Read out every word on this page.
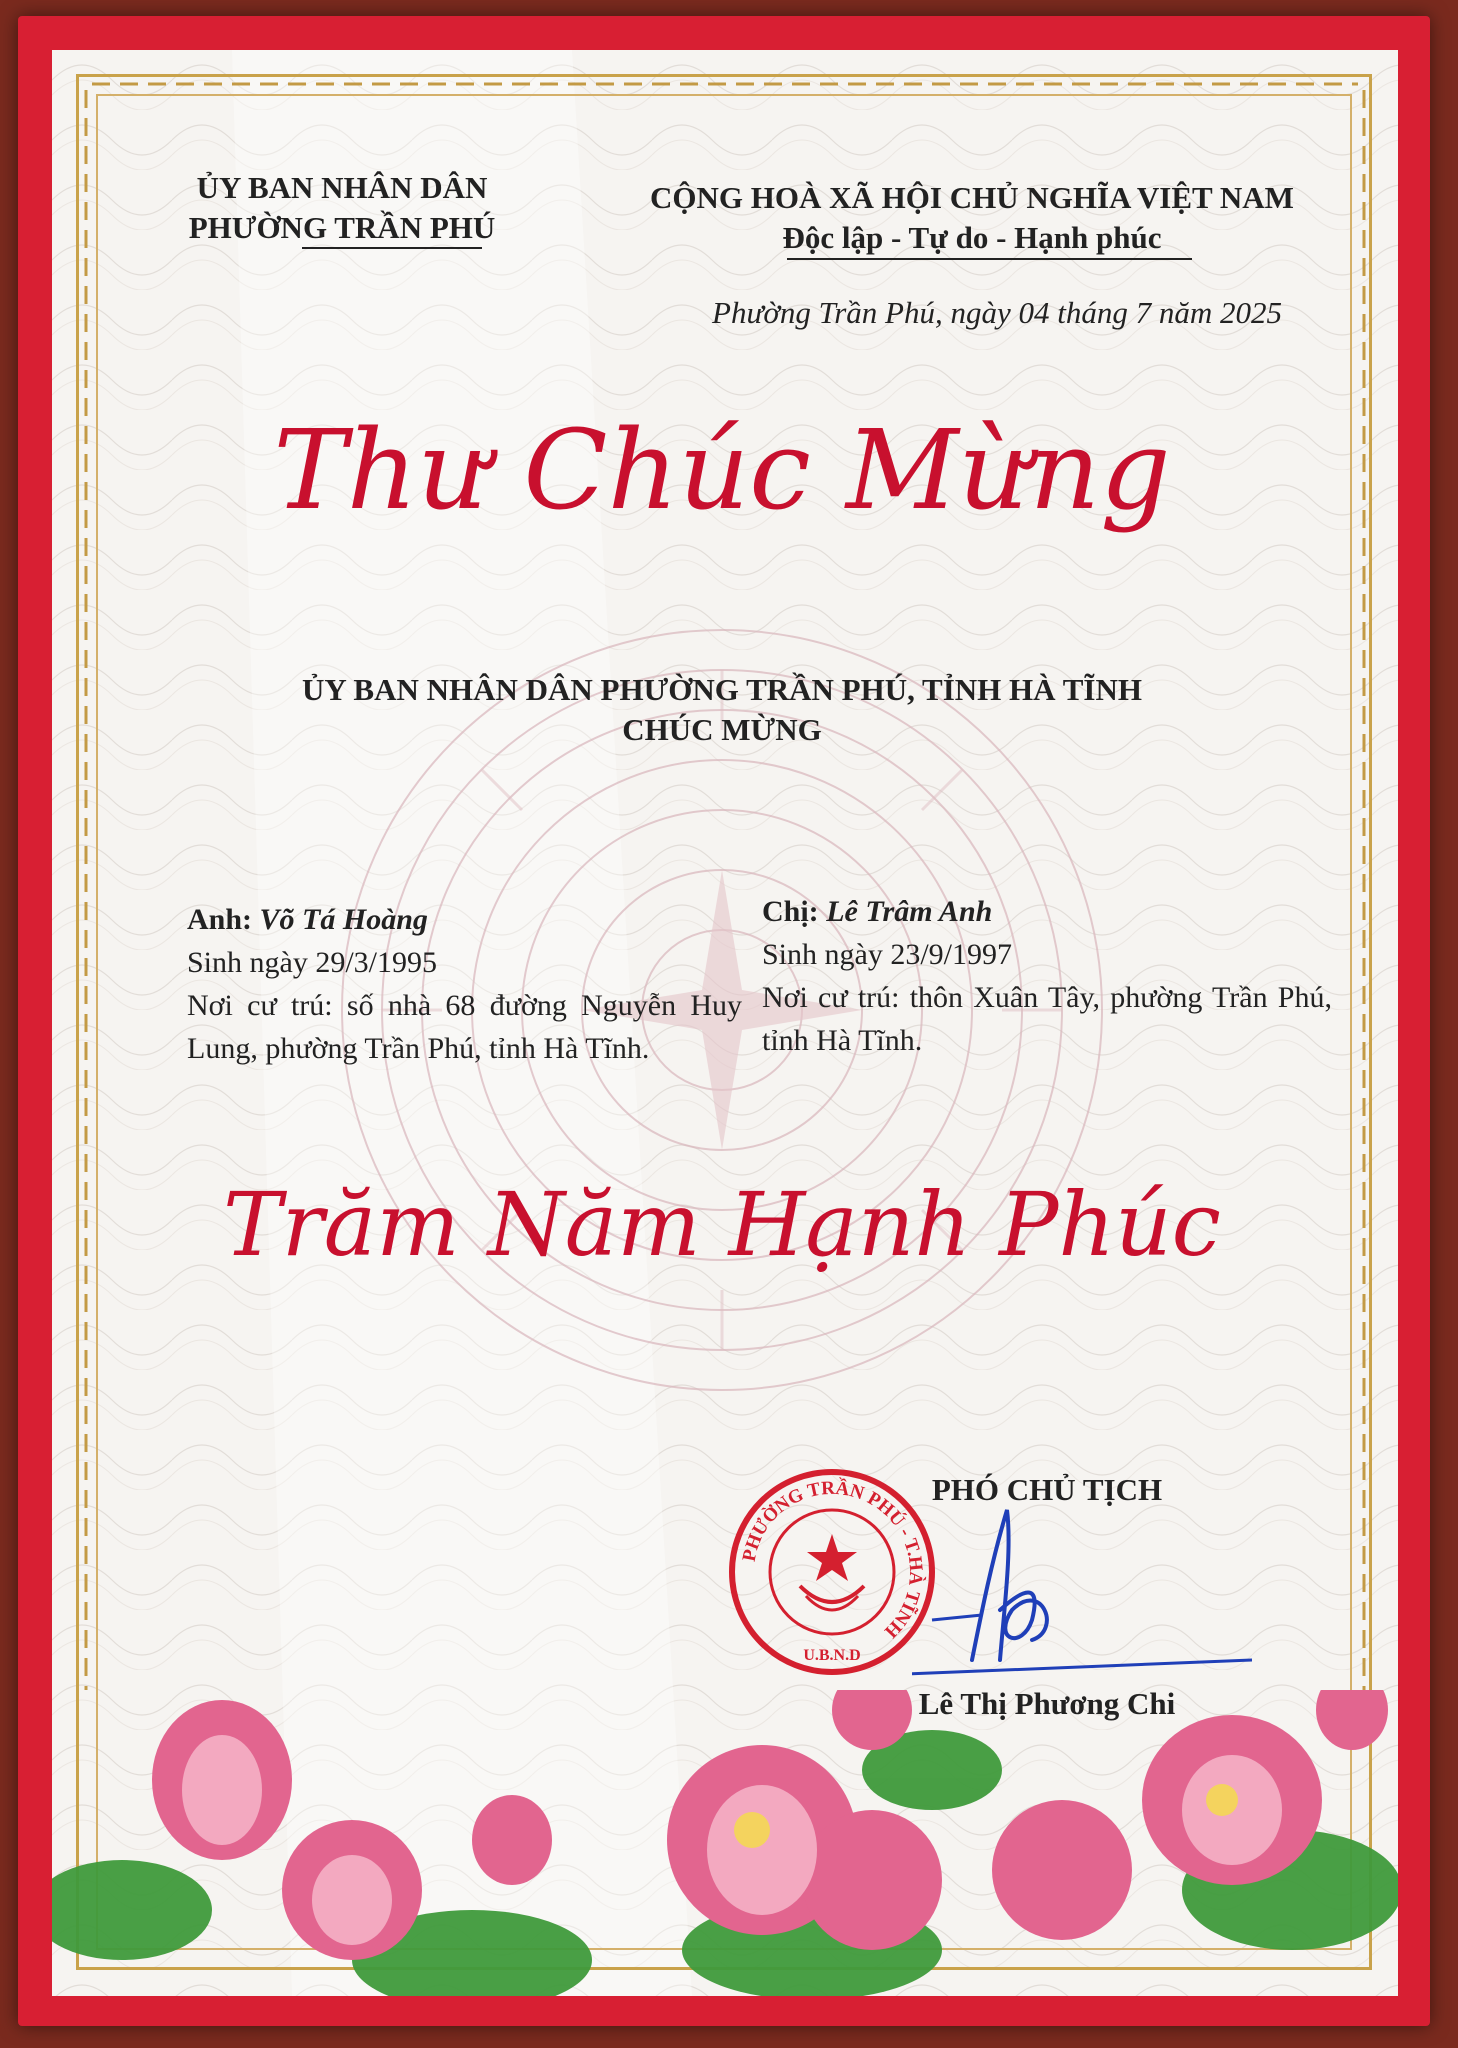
ỦY BAN NHÂN DÂN
PHƯỜNG TRẦN PHÚ
CỘNG HOÀ XÃ HỘI CHỦ NGHĨA VIỆT NAM
Độc lập - Tự do - Hạnh phúc
Phường Trần Phú, ngày 04 tháng 7 năm 2025
Thư Chúc Mừng
ỦY BAN NHÂN DÂN PHƯỜNG TRẦN PHÚ, TỈNH HÀ TĨNH
CHÚC MỪNG
Anh: Võ Tá Hoàng
Sinh ngày 29/3/1995
Nơi cư trú: số nhà 68 đường Nguyễn Huy Lung, phường Trần Phú, tỉnh Hà Tĩnh.
Chị: Lê Trâm Anh
Sinh ngày 23/9/1997
Nơi cư trú: thôn Xuân Tây, phường Trần Phú, tỉnh Hà Tĩnh.
Trăm Năm Hạnh Phúc
PHÓ CHỦ TỊCH
PHƯỜNG TRẦN PHÚ - T.HÀ TĨNH
U.B.N.D
Lê Thị Phương Chi
